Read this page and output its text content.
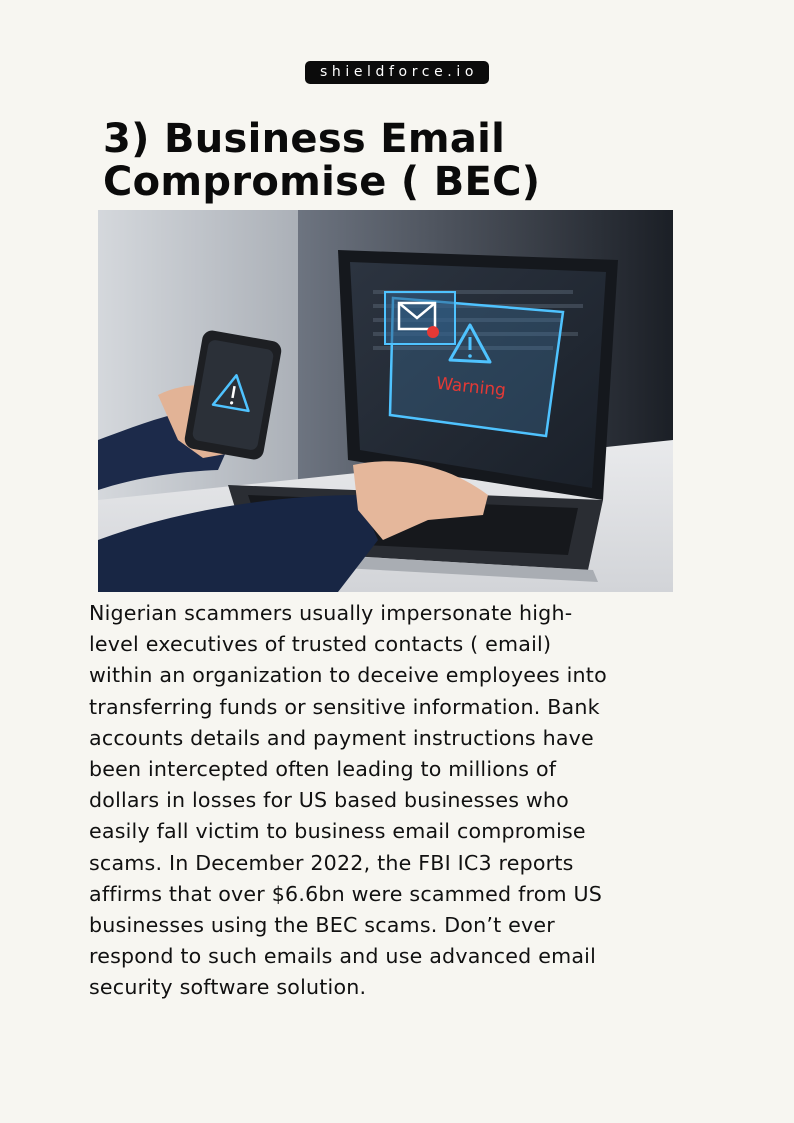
shieldforce.io
3) Business Email
Compromise ( BEC)
Warning

Nigerian scammers usually impersonate high-
level executives of trusted contacts ( email)
within an organization to deceive employees into
transferring funds or sensitive information. Bank
accounts details and payment instructions have
been intercepted often leading to millions of
dollars in losses for US based businesses who
easily fall victim to business email compromise
scams. In December 2022, the FBI IC3 reports
affirms that over $6.6bn were scammed from US
businesses using the BEC scams. Don’t ever
respond to such emails and use advanced email
security software solution.
